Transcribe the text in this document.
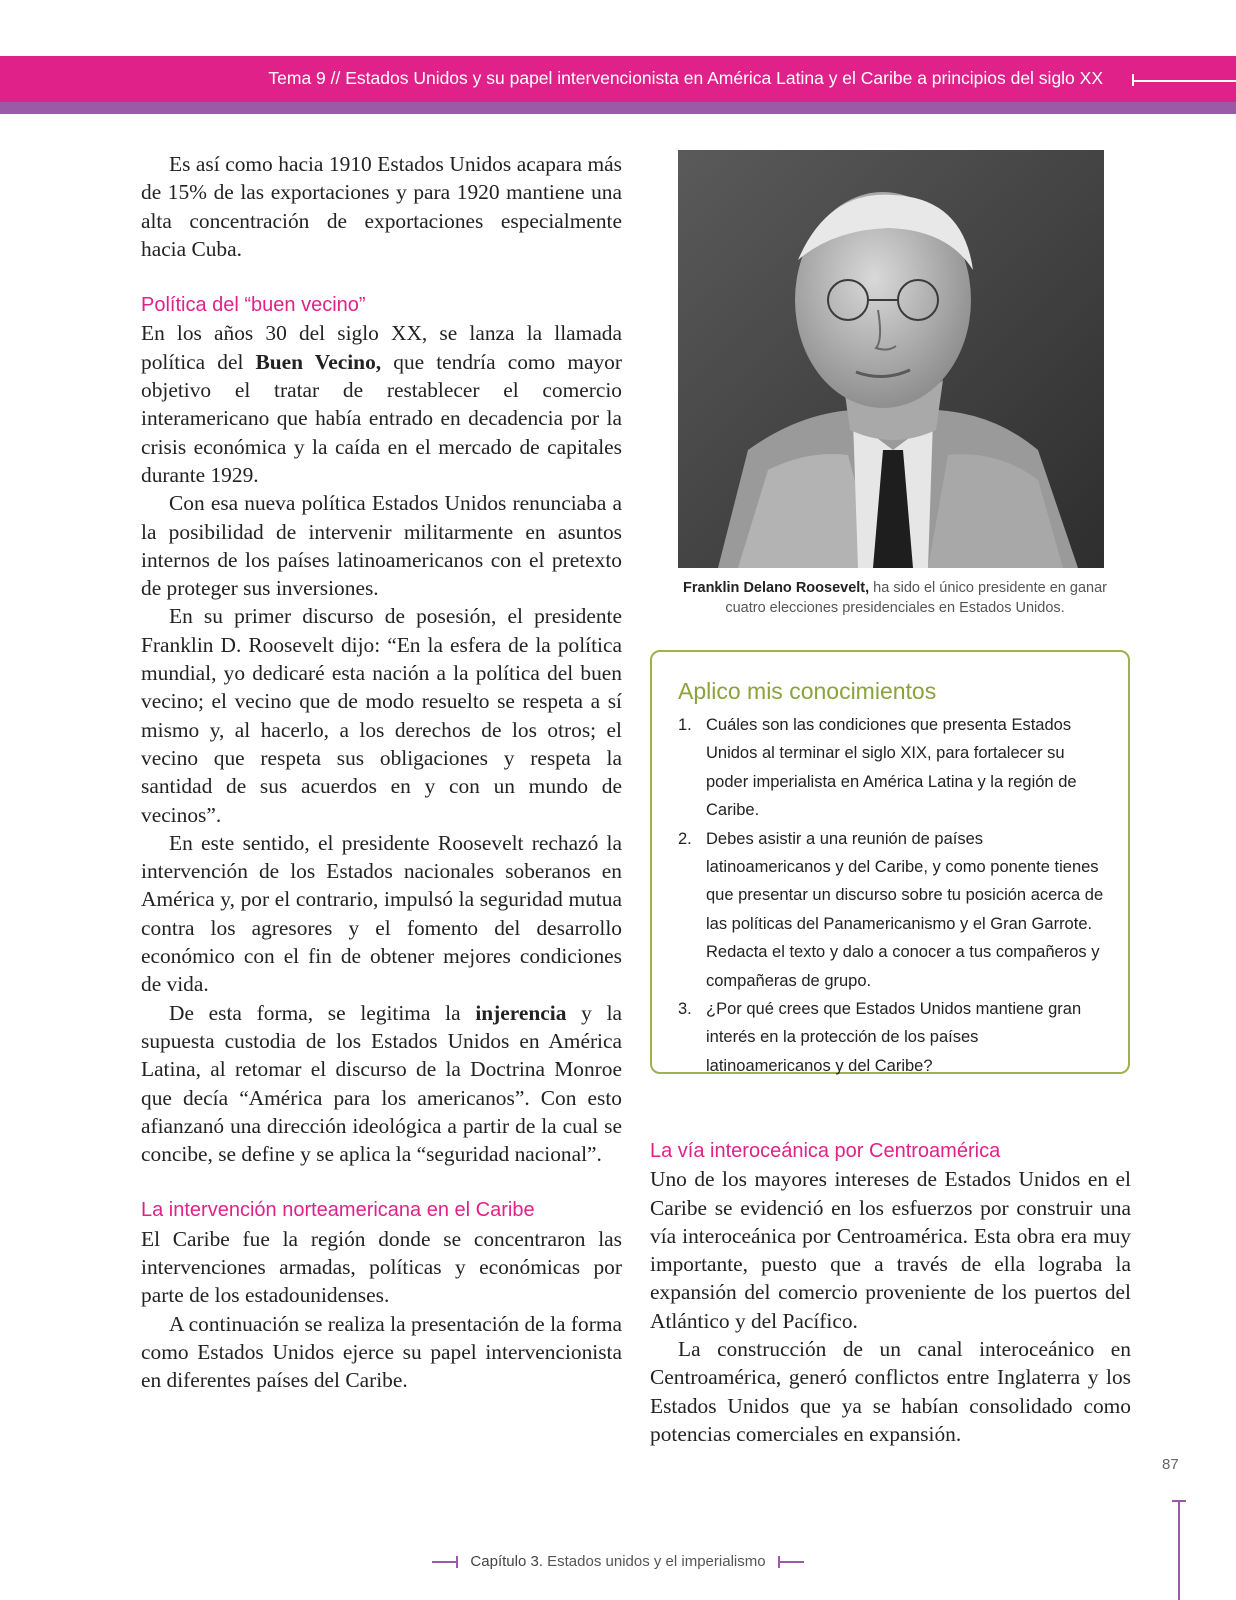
Tema 9 // Estados Unidos y su papel intervencionista en América Latina y el Caribe a principios del siglo XX

Es así como hacia 1910 Estados Unidos acapara más de 15% de las exportaciones y para 1920 mantiene una alta concentración de exportaciones especialmente hacia Cuba.

Política del “buen vecino”

En los años 30 del siglo XX, se lanza la llamada política del Buen Vecino, que tendría como mayor objetivo el tratar de restablecer el comercio interamericano que había entrado en decadencia por la crisis económica y la caída en el mercado de capitales durante 1929.

Con esa nueva política Estados Unidos renunciaba a la posibilidad de intervenir militarmente en asuntos internos de los países latinoamericanos con el pretexto de proteger sus inversiones.

En su primer discurso de posesión, el presidente Franklin D. Roosevelt dijo: “En la esfera de la política mundial, yo dedicaré esta nación a la política del buen vecino; el vecino que de modo resuelto se respeta a sí mismo y, al hacerlo, a los derechos de los otros; el vecino que respeta sus obligaciones y respeta la santidad de sus acuerdos en y con un mundo de vecinos”.

En este sentido, el presidente Roosevelt rechazó la intervención de los Estados nacionales soberanos en América y, por el contrario, impulsó la seguridad mutua contra los agresores y el fomento del desarrollo económico con el fin de obtener mejores condiciones de vida.

De esta forma, se legitima la injerencia y la supuesta custodia de los Estados Unidos en América Latina, al retomar el discurso de la Doctrina Monroe que decía “América para los americanos”. Con esto afianzanó una dirección ideológica a partir de la cual se concibe, se define y se aplica la “seguridad nacional”.

La intervención norteamericana en el Caribe

El Caribe fue la región donde se concentraron las intervenciones armadas, políticas y económicas por parte de los estadounidenses.

A continuación se realiza la presentación de la forma como Estados Unidos ejerce su papel intervencionista en diferentes países del Caribe.

Franklin Delano Roosevelt, ha sido el único presidente en ganar cuatro elecciones presidenciales en Estados Unidos.
Aplico mis conocimientos
1. Cuáles son las condiciones que presenta Estados Unidos al terminar el siglo XIX, para fortalecer su poder imperialista en América Latina y la región de Caribe.
2. Debes asistir a una reunión de países latinoamericanos y del Caribe, y como ponente tienes que presentar un discurso sobre tu posición acerca de las políticas del Panamericanismo y el Gran Garrote. Redacta el texto y dalo a conocer a tus compañeros y compañeras de grupo.
3. ¿Por qué crees que Estados Unidos mantiene gran interés en la protección de los países latinoamericanos y del Caribe?
La vía interoceánica por Centroamérica

Uno de los mayores intereses de Estados Unidos en el Caribe se evidenció en los esfuerzos por construir una vía interoceánica por Centroamérica. Esta obra era muy importante, puesto que a través de ella lograba la expansión del comercio proveniente de los puertos del Atlántico y del Pacífico.

La construcción de un canal interoceánico en Centroamérica, generó conflictos entre Inglaterra y los Estados Unidos que ya se habían consolidado como potencias comerciales en expansión.

87
Capítulo 3. Estados unidos y el imperialismo
